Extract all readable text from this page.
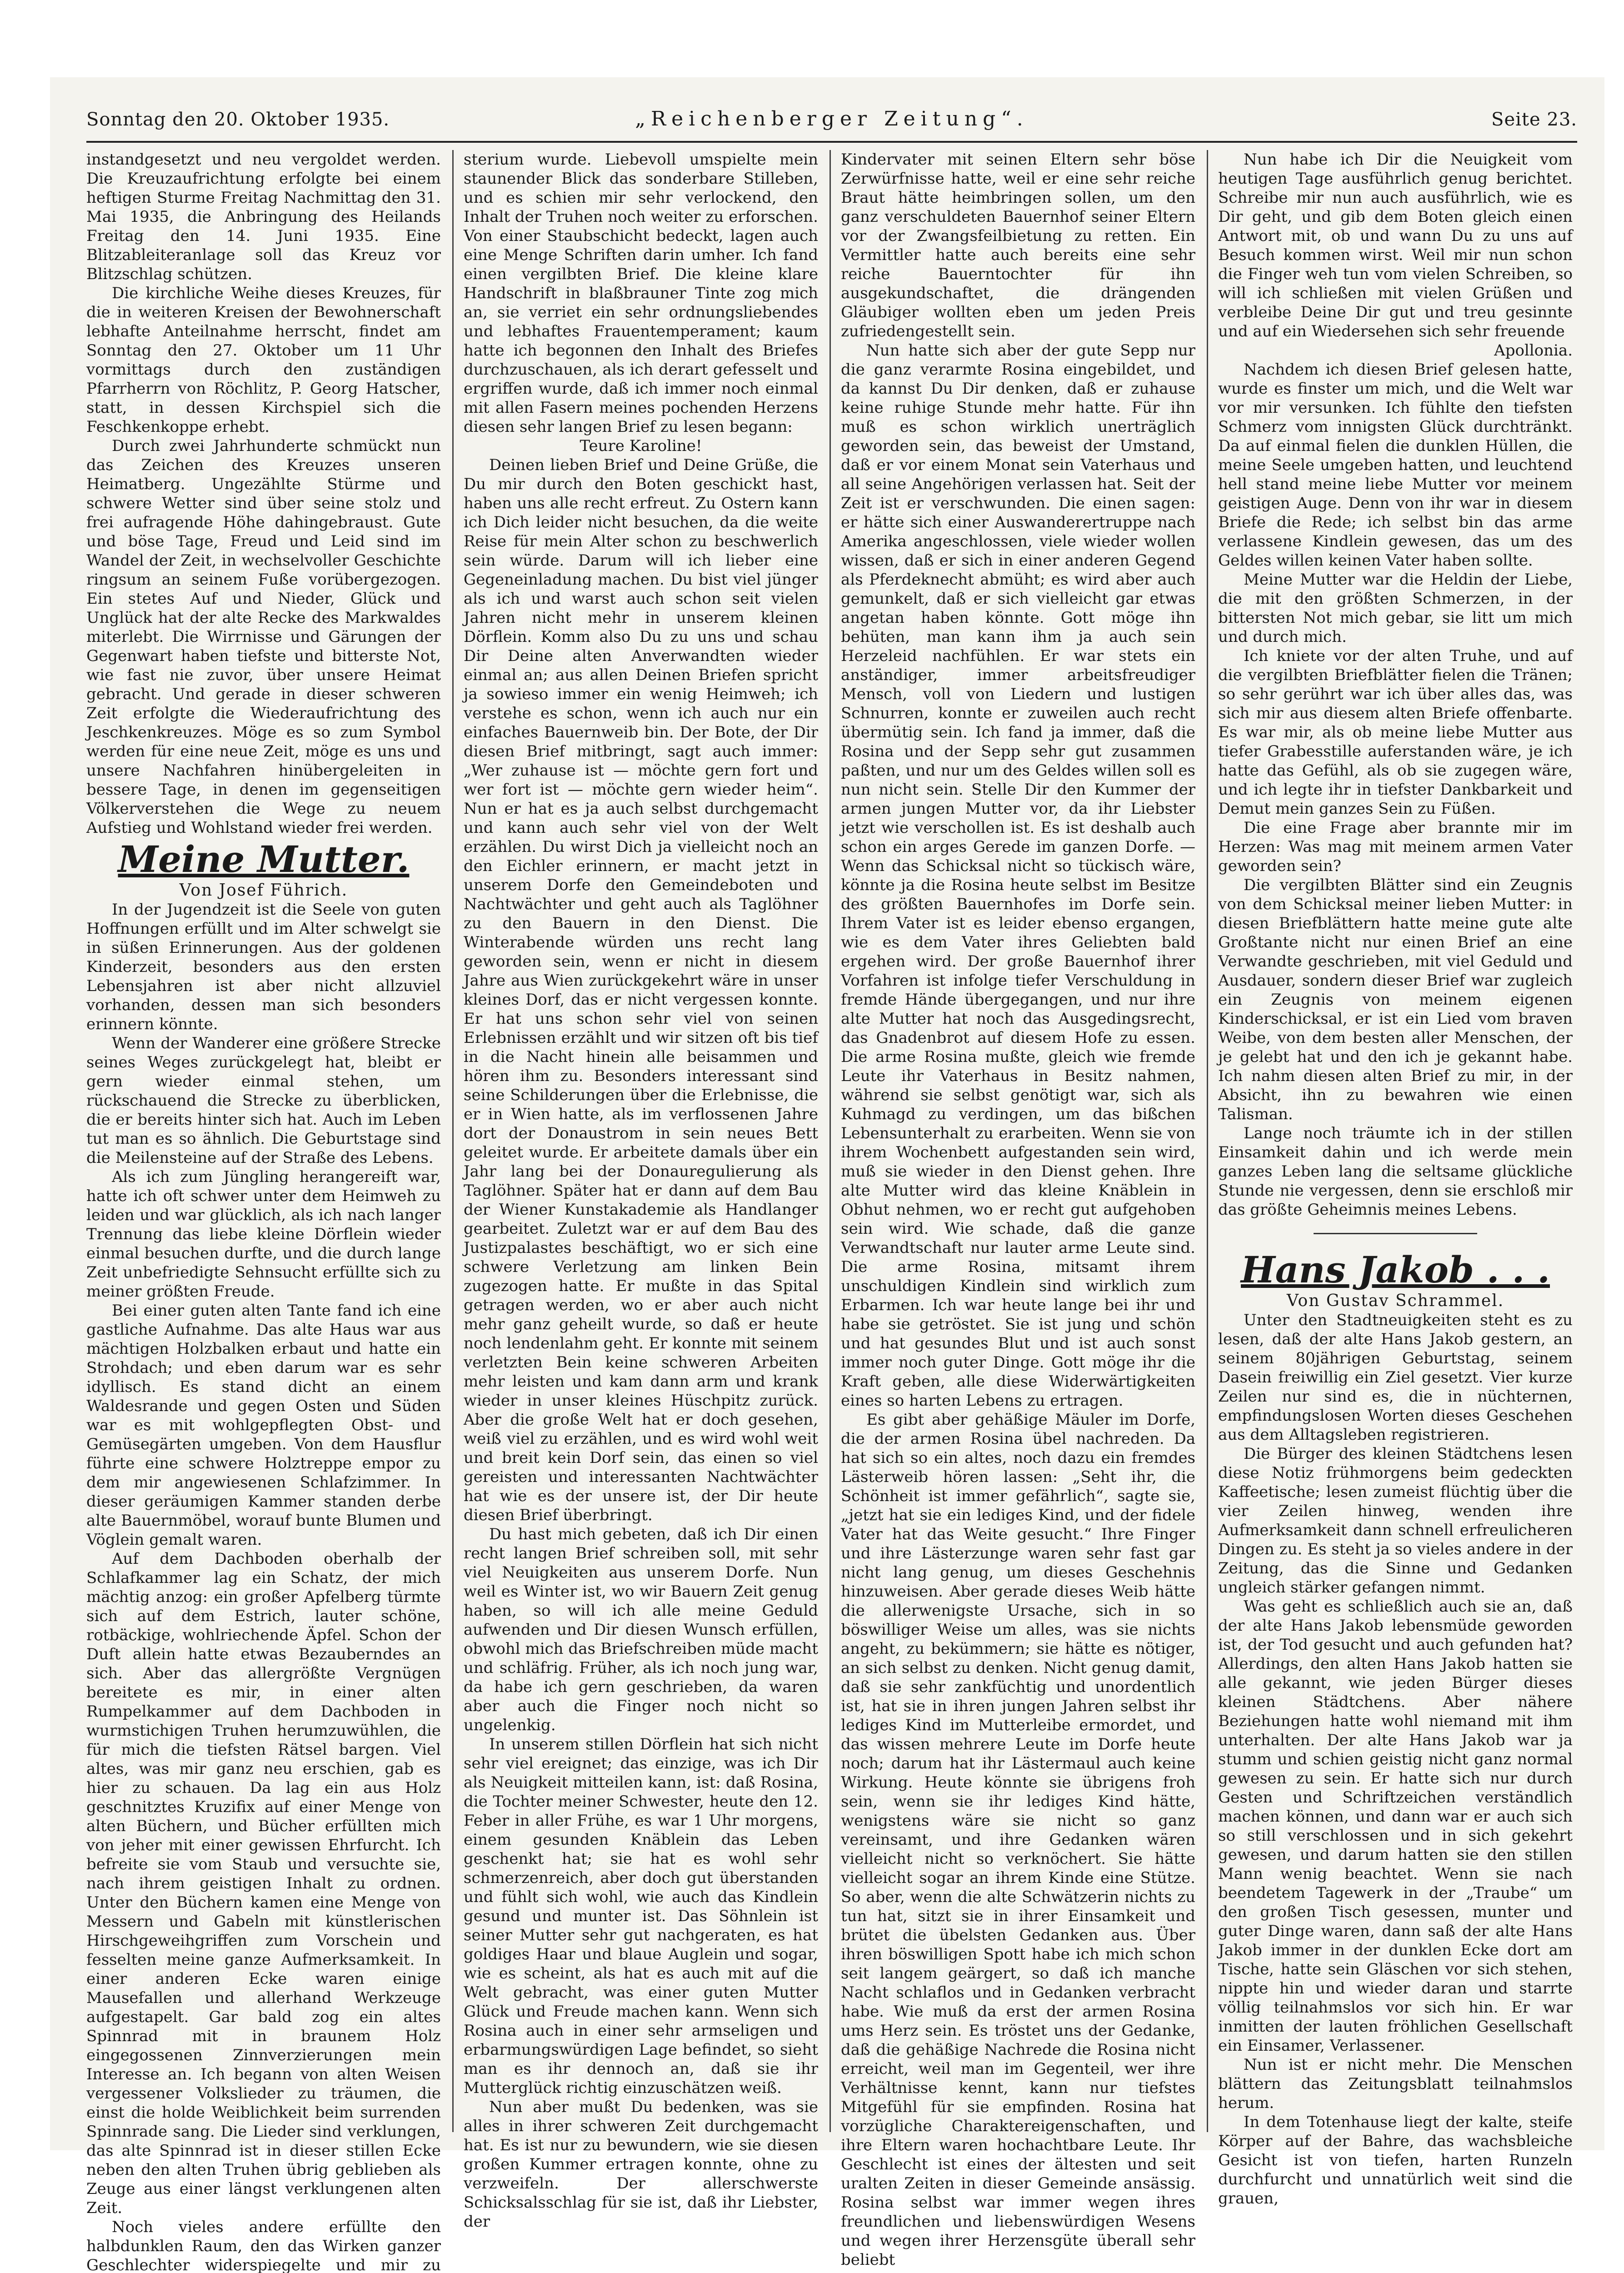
Sonntag den 20. Oktober 1935.	„Reichenberger Zeitung“.	Seite 23.

instandgesetzt und neu vergoldet werden. Die Kreuzaufrichtung erfolgte bei einem heftigen Sturme Freitag Nachmittag den 31. Mai 1935, die Anbringung des Heilands Freitag den 14. Juni 1935. Eine Blitzableiteranlage soll das Kreuz vor Blitzschlag schützen.

Die kirchliche Weihe dieses Kreuzes, für die in weiteren Kreisen der Bewohnerschaft lebhafte Anteilnahme herrscht, findet am Sonntag den 27. Oktober um 11 Uhr vormittags durch den zuständigen Pfarrherrn von Röchlitz, P. Georg Hatscher, statt, in dessen Kirchspiel sich die Feschkenkoppe erhebt.

Durch zwei Jahrhunderte schmückt nun das Zeichen des Kreuzes unseren Heimatberg. Ungezählte Stürme und schwere Wetter sind über seine stolz und frei aufragende Höhe dahingebraust. Gute und böse Tage, Freud und Leid sind im Wandel der Zeit, in wechselvoller Geschichte ringsum an seinem Fuße vorübergezogen. Ein stetes Auf und Nieder, Glück und Unglück hat der alte Recke des Markwaldes miterlebt. Die Wirrnisse und Gärungen der Gegenwart haben tiefste und bitterste Not, wie fast nie zuvor, über unsere Heimat gebracht. Und gerade in dieser schweren Zeit erfolgte die Wiederaufrichtung des Jeschkenkreuzes. Möge es so zum Symbol werden für eine neue Zeit, möge es uns und unsere Nachfahren hinübergeleiten in bessere Tage, in denen im gegenseitigen Völkerverstehen die Wege zu neuem Aufstieg und Wohlstand wieder frei werden.

Meine Mutter.

Von Josef Führich.

In der Jugendzeit ist die Seele von guten Hoffnungen erfüllt und im Alter schwelgt sie in süßen Erinnerungen. Aus der goldenen Kinderzeit, besonders aus den ersten Lebensjahren ist aber nicht allzuviel vorhanden, dessen man sich besonders erinnern könnte.

Wenn der Wanderer eine größere Strecke seines Weges zurückgelegt hat, bleibt er gern wieder einmal stehen, um rückschauend die Strecke zu überblicken, die er bereits hinter sich hat. Auch im Leben tut man es so ähnlich. Die Geburtstage sind die Meilensteine auf der Straße des Lebens.

Als ich zum Jüngling herangereift war, hatte ich oft schwer unter dem Heimweh zu leiden und war glücklich, als ich nach langer Trennung das liebe kleine Dörflein wieder einmal besuchen durfte, und die durch lange Zeit unbefriedigte Sehnsucht erfüllte sich zu meiner größten Freude.

Bei einer guten alten Tante fand ich eine gastliche Aufnahme. Das alte Haus war aus mächtigen Holzbalken erbaut und hatte ein Strohdach; und eben darum war es sehr idyllisch. Es stand dicht an einem Waldesrande und gegen Osten und Süden war es mit wohlgepflegten Obst- und Gemüsegärten umgeben. Von dem Hausflur führte eine schwere Holztreppe empor zu dem mir angewiesenen Schlafzimmer. In dieser geräumigen Kammer standen derbe alte Bauernmöbel, worauf bunte Blumen und Vöglein gemalt waren.

Auf dem Dachboden oberhalb der Schlafkammer lag ein Schatz, der mich mächtig anzog: ein großer Apfelberg türmte sich auf dem Estrich, lauter schöne, rotbäckige, wohlriechende Äpfel. Schon der Duft allein hatte etwas Bezauberndes an sich. Aber das allergrößte Vergnügen bereitete es mir, in einer alten Rumpelkammer auf dem Dachboden in wurmstichigen Truhen herumzuwühlen, die für mich die tiefsten Rätsel bargen. Viel altes, was mir ganz neu erschien, gab es hier zu schauen. Da lag ein aus Holz geschnitztes Kruzifix auf einer Menge von alten Büchern, und Bücher erfüllten mich von jeher mit einer gewissen Ehrfurcht. Ich befreite sie vom Staub und versuchte sie, nach ihrem geistigen Inhalt zu ordnen. Unter den Büchern kamen eine Menge von Messern und Gabeln mit künstlerischen Hirschgeweihgriffen zum Vorschein und fesselten meine ganze Aufmerksamkeit. In einer anderen Ecke waren einige Mausefallen und allerhand Werkzeuge aufgestapelt. Gar bald zog ein altes Spinnrad mit in braunem Holz eingegossenen Zinnverzierungen mein Interesse an. Ich begann von alten Weisen vergessener Volkslieder zu träumen, die einst die holde Weiblichkeit beim surrenden Spinnrade sang. Die Lieder sind verklungen, das alte Spinnrad ist in dieser stillen Ecke neben den alten Truhen übrig geblieben als Zeuge aus einer längst verklungenen alten Zeit.

Noch vieles andere erfüllte den halbdunklen Raum, den das Wirken ganzer Geschlechter widerspiegelte und mir zu

sterium wurde. Liebevoll umspielte mein staunender Blick das sonderbare Stilleben, und es schien mir sehr verlockend, den Inhalt der Truhen noch weiter zu erforschen. Von einer Staubschicht bedeckt, lagen auch eine Menge Schriften darin umher. Ich fand einen vergilbten Brief. Die kleine klare Handschrift in blaßbrauner Tinte zog mich an, sie verriet ein sehr ordnungsliebendes und lebhaftes Frauentemperament; kaum hatte ich begonnen den Inhalt des Briefes durchzuschauen, als ich derart gefesselt und ergriffen wurde, daß ich immer noch einmal mit allen Fasern meines pochenden Herzens diesen sehr langen Brief zu lesen begann:

Teure Karoline!

Deinen lieben Brief und Deine Grüße, die Du mir durch den Boten geschickt hast, haben uns alle recht erfreut. Zu Ostern kann ich Dich leider nicht besuchen, da die weite Reise für mein Alter schon zu beschwerlich sein würde. Darum will ich lieber eine Gegeneinladung machen. Du bist viel jünger als ich und warst auch schon seit vielen Jahren nicht mehr in unserem kleinen Dörflein. Komm also Du zu uns und schau Dir Deine alten Anverwandten wieder einmal an; aus allen Deinen Briefen spricht ja sowieso immer ein wenig Heimweh; ich verstehe es schon, wenn ich auch nur ein einfaches Bauernweib bin. Der Bote, der Dir diesen Brief mitbringt, sagt auch immer: „Wer zuhause ist — möchte gern fort und wer fort ist — möchte gern wieder heim“. Nun er hat es ja auch selbst durchgemacht und kann auch sehr viel von der Welt erzählen. Du wirst Dich ja vielleicht noch an den Eichler erinnern, er macht jetzt in unserem Dorfe den Gemeindeboten und Nachtwächter und geht auch als Taglöhner zu den Bauern in den Dienst. Die Winterabende würden uns recht lang geworden sein, wenn er nicht in diesem Jahre aus Wien zurückgekehrt wäre in unser kleines Dorf, das er nicht vergessen konnte. Er hat uns schon sehr viel von seinen Erlebnissen erzählt und wir sitzen oft bis tief in die Nacht hinein alle beisammen und hören ihm zu. Besonders interessant sind seine Schilderungen über die Erlebnisse, die er in Wien hatte, als im verflossenen Jahre dort der Donaustrom in sein neues Bett geleitet wurde. Er arbeitete damals über ein Jahr lang bei der Donauregulierung als Taglöhner. Später hat er dann auf dem Bau der Wiener Kunstakademie als Handlanger gearbeitet. Zuletzt war er auf dem Bau des Justizpalastes beschäftigt, wo er sich eine schwere Verletzung am linken Bein zugezogen hatte. Er mußte in das Spital getragen werden, wo er aber auch nicht mehr ganz geheilt wurde, so daß er heute noch lendenlahm geht. Er konnte mit seinem verletzten Bein keine schweren Arbeiten mehr leisten und kam dann arm und krank wieder in unser kleines Hüschpitz zurück. Aber die große Welt hat er doch gesehen, weiß viel zu erzählen, und es wird wohl weit und breit kein Dorf sein, das einen so viel gereisten und interessanten Nachtwächter hat wie es der unsere ist, der Dir heute diesen Brief überbringt.

Du hast mich gebeten, daß ich Dir einen recht langen Brief schreiben soll, mit sehr viel Neuigkeiten aus unserem Dorfe. Nun weil es Winter ist, wo wir Bauern Zeit genug haben, so will ich alle meine Geduld aufwenden und Dir diesen Wunsch erfüllen, obwohl mich das Briefschreiben müde macht und schläfrig. Früher, als ich noch jung war, da habe ich gern geschrieben, da waren aber auch die Finger noch nicht so ungelenkig.

In unserem stillen Dörflein hat sich nicht sehr viel ereignet; das einzige, was ich Dir als Neuigkeit mitteilen kann, ist: daß Rosina, die Tochter meiner Schwester, heute den 12. Feber in aller Frühe, es war 1 Uhr morgens, einem gesunden Knäblein das Leben geschenkt hat; sie hat es wohl sehr schmerzenreich, aber doch gut überstanden und fühlt sich wohl, wie auch das Kindlein gesund und munter ist. Das Söhnlein ist seiner Mutter sehr gut nachgeraten, es hat goldiges Haar und blaue Auglein und sogar, wie es scheint, als hat es auch mit auf die Welt gebracht, was einer guten Mutter Glück und Freude machen kann. Wenn sich Rosina auch in einer sehr armseligen und erbarmungswürdigen Lage befindet, so sieht man es ihr dennoch an, daß sie ihr Mutterglück richtig einzuschätzen weiß.

Nun aber mußt Du bedenken, was sie alles in ihrer schweren Zeit durchgemacht hat. Es ist nur zu bewundern, wie sie diesen großen Kummer ertragen konnte, ohne zu verzweifeln. Der allerschwerste Schicksalsschlag für sie ist, daß ihr Liebster, der

Kindervater mit seinen Eltern sehr böse Zerwürfnisse hatte, weil er eine sehr reiche Braut hätte heimbringen sollen, um den ganz verschuldeten Bauernhof seiner Eltern vor der Zwangsfeilbietung zu retten. Ein Vermittler hatte auch bereits eine sehr reiche Bauerntochter für ihn ausgekundschaftet, die drängenden Gläubiger wollten eben um jeden Preis zufriedengestellt sein.

Nun hatte sich aber der gute Sepp nur die ganz verarmte Rosina eingebildet, und da kannst Du Dir denken, daß er zuhause keine ruhige Stunde mehr hatte. Für ihn muß es schon wirklich unerträglich geworden sein, das beweist der Umstand, daß er vor einem Monat sein Vaterhaus und all seine Angehörigen verlassen hat. Seit der Zeit ist er verschwunden. Die einen sagen: er hätte sich einer Auswanderertruppe nach Amerika angeschlossen, viele wieder wollen wissen, daß er sich in einer anderen Gegend als Pferdeknecht abmüht; es wird aber auch gemunkelt, daß er sich vielleicht gar etwas angetan haben könnte. Gott möge ihn behüten, man kann ihm ja auch sein Herzeleid nachfühlen. Er war stets ein anständiger, immer arbeitsfreudiger Mensch, voll von Liedern und lustigen Schnurren, konnte er zuweilen auch recht übermütig sein. Ich fand ja immer, daß die Rosina und der Sepp sehr gut zusammen paßten, und nur um des Geldes willen soll es nun nicht sein. Stelle Dir den Kummer der armen jungen Mutter vor, da ihr Liebster jetzt wie verschollen ist. Es ist deshalb auch schon ein arges Gerede im ganzen Dorfe. — Wenn das Schicksal nicht so tückisch wäre, könnte ja die Rosina heute selbst im Besitze des größten Bauernhofes im Dorfe sein. Ihrem Vater ist es leider ebenso ergangen, wie es dem Vater ihres Geliebten bald ergehen wird. Der große Bauernhof ihrer Vorfahren ist infolge tiefer Verschuldung in fremde Hände übergegangen, und nur ihre alte Mutter hat noch das Ausgedingsrecht, das Gnadenbrot auf diesem Hofe zu essen. Die arme Rosina mußte, gleich wie fremde Leute ihr Vaterhaus in Besitz nahmen, während sie selbst genötigt war, sich als Kuhmagd zu verdingen, um das bißchen Lebensunterhalt zu erarbeiten. Wenn sie von ihrem Wochenbett aufgestanden sein wird, muß sie wieder in den Dienst gehen. Ihre alte Mutter wird das kleine Knäblein in Obhut nehmen, wo er recht gut aufgehoben sein wird. Wie schade, daß die ganze Verwandtschaft nur lauter arme Leute sind. Die arme Rosina, mitsamt ihrem unschuldigen Kindlein sind wirklich zum Erbarmen. Ich war heute lange bei ihr und habe sie getröstet. Sie ist jung und schön und hat gesundes Blut und ist auch sonst immer noch guter Dinge. Gott möge ihr die Kraft geben, alle diese Widerwärtigkeiten eines so harten Lebens zu ertragen.

Es gibt aber gehäßige Mäuler im Dorfe, die der armen Rosina übel nachreden. Da hat sich so ein altes, noch dazu ein fremdes Lästerweib hören lassen: „Seht ihr, die Schönheit ist immer gefährlich“, sagte sie, „jetzt hat sie ein lediges Kind, und der fidele Vater hat das Weite gesucht.“ Ihre Finger und ihre Lästerzunge waren sehr fast gar nicht lang genug, um dieses Geschehnis hinzuweisen. Aber gerade dieses Weib hätte die allerwenigste Ursache, sich in so böswilliger Weise um alles, was sie nichts angeht, zu bekümmern; sie hätte es nötiger, an sich selbst zu denken. Nicht genug damit, daß sie sehr zankfüchtig und unordentlich ist, hat sie in ihren jungen Jahren selbst ihr lediges Kind im Mutterleibe ermordet, und das wissen mehrere Leute im Dorfe heute noch; darum hat ihr Lästermaul auch keine Wirkung. Heute könnte sie übrigens froh sein, wenn sie ihr lediges Kind hätte, wenigstens wäre sie nicht so ganz vereinsamt, und ihre Gedanken wären vielleicht nicht so verknöchert. Sie hätte vielleicht sogar an ihrem Kinde eine Stütze. So aber, wenn die alte Schwätzerin nichts zu tun hat, sitzt sie in ihrer Einsamkeit und brütet die übelsten Gedanken aus. Über ihren böswilligen Spott habe ich mich schon seit langem geärgert, so daß ich manche Nacht schlaflos und in Gedanken verbracht habe. Wie muß da erst der armen Rosina ums Herz sein. Es tröstet uns der Gedanke, daß die gehäßige Nachrede die Rosina nicht erreicht, weil man im Gegenteil, wer ihre Verhältnisse kennt, kann nur tiefstes Mitgefühl für sie empfinden. Rosina hat vorzügliche Charaktereigenschaften, und ihre Eltern waren hochachtbare Leute. Ihr Geschlecht ist eines der ältesten und seit uralten Zeiten in dieser Gemeinde ansässig. Rosina selbst war immer wegen ihres freundlichen und liebenswürdigen Wesens und wegen ihrer Herzensgüte überall sehr beliebt

Nun habe ich Dir die Neuigkeit vom heutigen Tage ausführlich genug berichtet. Schreibe mir nun auch ausführlich, wie es Dir geht, und gib dem Boten gleich einen Antwort mit, ob und wann Du zu uns auf Besuch kommen wirst. Weil mir nun schon die Finger weh tun vom vielen Schreiben, so will ich schließen mit vielen Grüßen und verbleibe Deine Dir gut und treu gesinnte und auf ein Wiedersehen sich sehr freuende

Apollonia.

Nachdem ich diesen Brief gelesen hatte, wurde es finster um mich, und die Welt war vor mir versunken. Ich fühlte den tiefsten Schmerz vom innigsten Glück durchtränkt. Da auf einmal fielen die dunklen Hüllen, die meine Seele umgeben hatten, und leuchtend hell stand meine liebe Mutter vor meinem geistigen Auge. Denn von ihr war in diesem Briefe die Rede; ich selbst bin das arme verlassene Kindlein gewesen, das um des Geldes willen keinen Vater haben sollte.

Meine Mutter war die Heldin der Liebe, die mit den größten Schmerzen, in der bittersten Not mich gebar, sie litt um mich und durch mich.

Ich kniete vor der alten Truhe, und auf die vergilbten Briefblätter fielen die Tränen; so sehr gerührt war ich über alles das, was sich mir aus diesem alten Briefe offenbarte. Es war mir, als ob meine liebe Mutter aus tiefer Grabesstille auferstanden wäre, je ich hatte das Gefühl, als ob sie zugegen wäre, und ich legte ihr in tiefster Dankbarkeit und Demut mein ganzes Sein zu Füßen.

Die eine Frage aber brannte mir im Herzen: Was mag mit meinem armen Vater geworden sein?

Die vergilbten Blätter sind ein Zeugnis von dem Schicksal meiner lieben Mutter: in diesen Briefblättern hatte meine gute alte Großtante nicht nur einen Brief an eine Verwandte geschrieben, mit viel Geduld und Ausdauer, sondern dieser Brief war zugleich ein Zeugnis von meinem eigenen Kinderschicksal, er ist ein Lied vom braven Weibe, von dem besten aller Menschen, der je gelebt hat und den ich je gekannt habe. Ich nahm diesen alten Brief zu mir, in der Absicht, ihn zu bewahren wie einen Talisman.

Lange noch träumte ich in der stillen Einsamkeit dahin und ich werde mein ganzes Leben lang die seltsame glückliche Stunde nie vergessen, denn sie erschloß mir das größte Geheimnis meines Lebens.

Hans Jakob . . .

Von Gustav Schrammel.

Unter den Stadtneuigkeiten steht es zu lesen, daß der alte Hans Jakob gestern, an seinem 80jährigen Geburtstag, seinem Dasein freiwillig ein Ziel gesetzt. Vier kurze Zeilen nur sind es, die in nüchternen, empfindungslosen Worten dieses Geschehen aus dem Alltagsleben registrieren.

Die Bürger des kleinen Städtchens lesen diese Notiz frühmorgens beim gedeckten Kaffeetische; lesen zumeist flüchtig über die vier Zeilen hinweg, wenden ihre Aufmerksamkeit dann schnell erfreulicheren Dingen zu. Es steht ja so vieles andere in der Zeitung, das die Sinne und Gedanken ungleich stärker gefangen nimmt.

Was geht es schließlich auch sie an, daß der alte Hans Jakob lebensmüde geworden ist, der Tod gesucht und auch gefunden hat? Allerdings, den alten Hans Jakob hatten sie alle gekannt, wie jeden Bürger dieses kleinen Städtchens. Aber nähere Beziehungen hatte wohl niemand mit ihm unterhalten. Der alte Hans Jakob war ja stumm und schien geistig nicht ganz normal gewesen zu sein. Er hatte sich nur durch Gesten und Schriftzeichen verständlich machen können, und dann war er auch sich so still verschlossen und in sich gekehrt gewesen, und darum hatten sie den stillen Mann wenig beachtet. Wenn sie nach beendetem Tagewerk in der „Traube“ um den großen Tisch gesessen, munter und guter Dinge waren, dann saß der alte Hans Jakob immer in der dunklen Ecke dort am Tische, hatte sein Gläschen vor sich stehen, nippte hin und wieder daran und starrte völlig teilnahmslos vor sich hin. Er war inmitten der lauten fröhlichen Gesellschaft ein Einsamer, Verlassener.

Nun ist er nicht mehr. Die Menschen blättern das Zeitungsblatt teilnahmslos herum.

In dem Totenhause liegt der kalte, steife Körper auf der Bahre, das wachsbleiche Gesicht ist von tiefen, harten Runzeln durchfurcht und unnatürlich weit sind die grauen,
